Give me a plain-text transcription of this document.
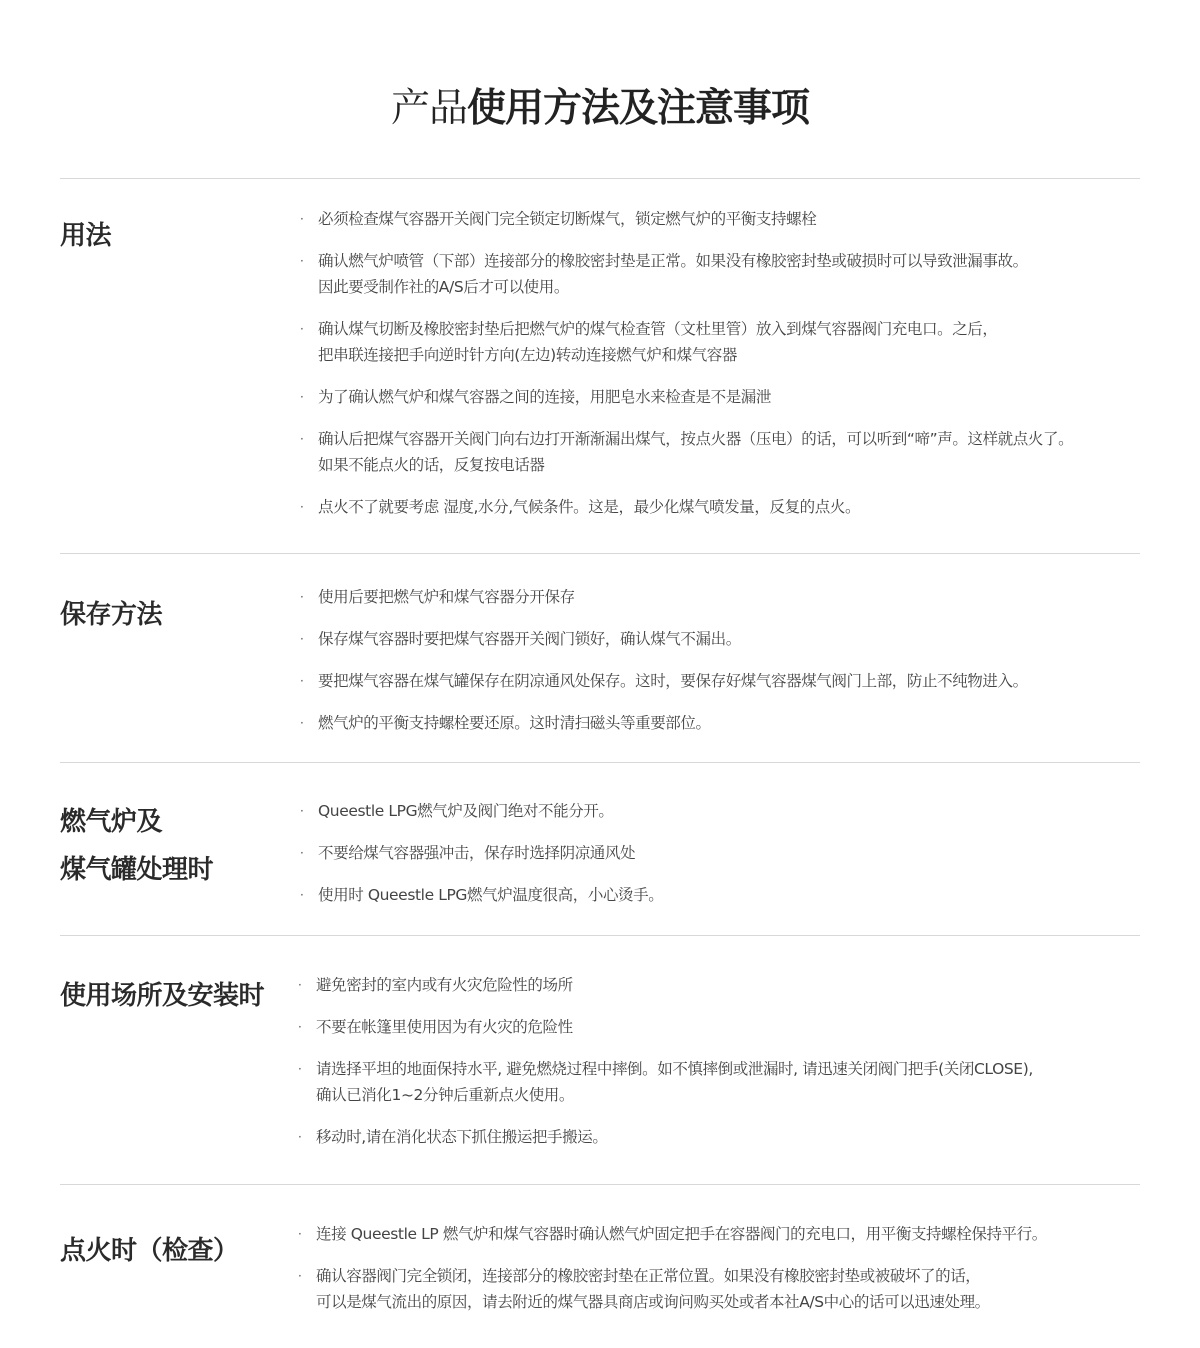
产品使用方法及注意事项
用法
· 必须检查煤气容器开关阀门完全锁定切断煤气，锁定燃气炉的平衡支持螺栓
· 确认燃气炉喷管（下部）连接部分的橡胶密封垫是正常。如果没有橡胶密封垫或破损时可以导致泄漏事故。
因此要受制作社的A/S后才可以使用。
· 确认煤气切断及橡胶密封垫后把燃气炉的煤气检查管（文杜里管）放入到煤气容器阀门充电口。之后，
把串联连接把手向逆时针方向(左边)转动连接燃气炉和煤气容器
· 为了确认燃气炉和煤气容器之间的连接，用肥皂水来检查是不是漏泄
· 确认后把煤气容器开关阀门向右边打开渐渐漏出煤气，按点火器（压电）的话，可以听到“啼”声。这样就点火了。
如果不能点火的话，反复按电话器
· 点火不了就要考虑 湿度,水分,气候条件。这是，最少化煤气喷发量，反复的点火。
保存方法
· 使用后要把燃气炉和煤气容器分开保存
· 保存煤气容器时要把煤气容器开关阀门锁好，确认煤气不漏出。
· 要把煤气容器在煤气罐保存在阴凉通风处保存。这时，要保存好煤气容器煤气阀门上部，防止不纯物进入。
· 燃气炉的平衡支持螺栓要还原。这时清扫磁头等重要部位。
燃气炉及
煤气罐处理时
· Queestle LPG燃气炉及阀门绝对不能分开。
· 不要给煤气容器强冲击，保存时选择阴凉通风处
· 使用时 Queestle LPG燃气炉温度很高，小心烫手。
使用场所及安装时	· 避免密封的室内或有火灾危险性的场所
· 不要在帐篷里使用因为有火灾的危险性
· 请选择平坦的地面保持水平, 避免燃烧过程中摔倒。如不慎摔倒或泄漏时, 请迅速关闭阀门把手(关闭CLOSE),
确认已消化1~2分钟后重新点火使用。
· 移动时,请在消化状态下抓住搬运把手搬运。
点火时（检查）
· 连接 Queestle LP 燃气炉和煤气容器时确认燃气炉固定把手在容器阀门的充电口，用平衡支持螺栓保持平行。
· 确认容器阀门完全锁闭，连接部分的橡胶密封垫在正常位置。如果没有橡胶密封垫或被破坏了的话，
可以是煤气流出的原因，请去附近的煤气器具商店或询问购买处或者本社A/S中心的话可以迅速处理。
